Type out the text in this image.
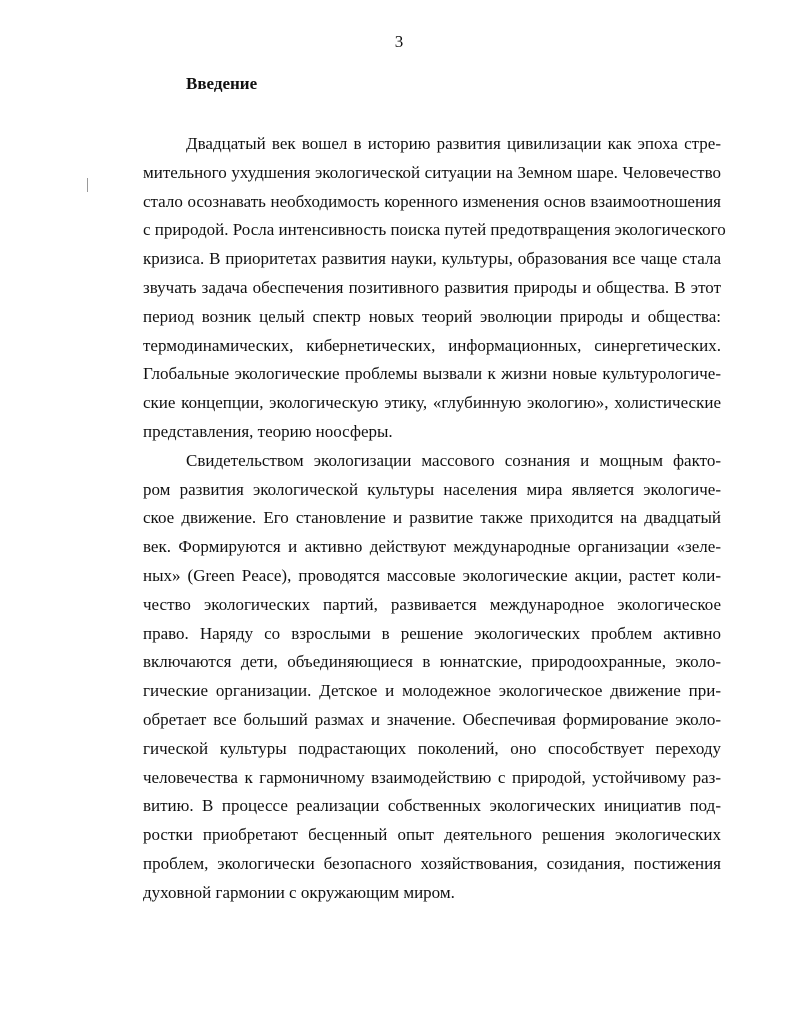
3
Введение
Двадцатый век вошел в историю развития цивилизации как эпоха стре-
мительного ухудшения экологической ситуации на Земном шаре. Человечество
стало осознавать необходимость коренного изменения основ взаимоотношения
с природой. Росла интенсивность поиска путей предотвращения экологического
кризиса. В приоритетах развития науки, культуры, образования все чаще стала
звучать задача обеспечения позитивного развития природы и общества. В этот
период возник целый спектр новых теорий эволюции природы и общества:
термодинамических, кибернетических, информационных, синергетических.
Глобальные экологические проблемы вызвали к жизни новые культурологиче-
ские концепции, экологическую этику, «глубинную экологию», холистические
представления, теорию ноосферы.
Свидетельством экологизации массового сознания и мощным факто-
ром развития экологической культуры населения мира является экологиче-
ское движение. Его становление и развитие также приходится на двадцатый
век. Формируются и активно действуют международные организации «зеле-
ных» (Green Peace), проводятся массовые экологические акции, растет коли-
чество экологических партий, развивается международное экологическое
право. Наряду со взрослыми в решение экологических проблем активно
включаются дети, объединяющиеся в юннатские, природоохранные, эколо-
гические организации. Детское и молодежное экологическое движение при-
обретает все больший размах и значение. Обеспечивая формирование эколо-
гической культуры подрастающих поколений, оно способствует переходу
человечества к гармоничному взаимодействию с природой, устойчивому раз-
витию. В процессе реализации собственных экологических инициатив под-
ростки приобретают бесценный опыт деятельного решения экологических
проблем, экологически безопасного хозяйствования, созидания, постижения
духовной гармонии с окружающим миром.
